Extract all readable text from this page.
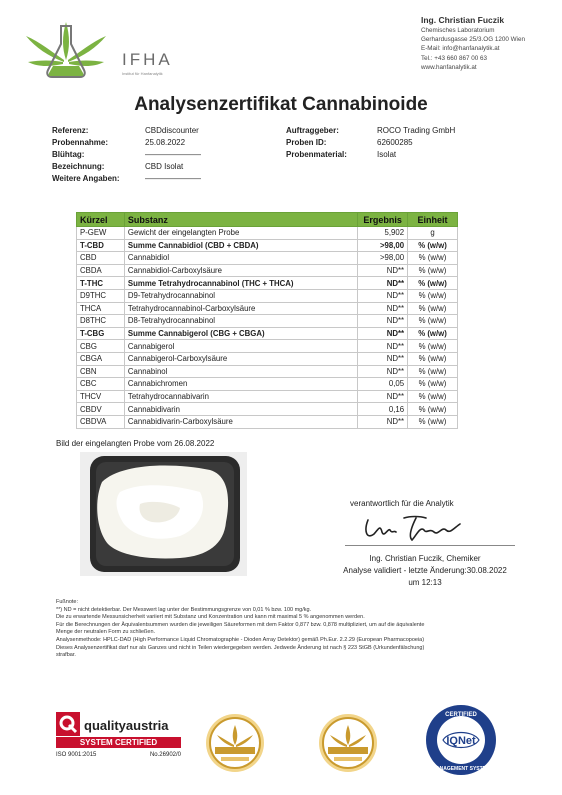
IFHA
Institut für Hanfanalytik
Ing. Christian Fuczik
Chemisches Laboratorium
Gerhardusgasse 25/3.OG 1200 Wien
E-Mail: info@hanfanalytik.at
Tel.: +43 660 867 00 63
www.hanfanalytik.at
Analysenzertifikat Cannabinoide
Referenz:	CBDdiscounter
Probennahme:	25.08.2022
Blühtag:	———————
Bezeichnung:	CBD Isolat
Weitere Angaben:	———————
Auftraggeber:	ROCO Trading GmbH
Proben ID:	62600285
Probenmaterial:	Isolat
Kürzel	Substanz	Ergebnis	Einheit
P-GEW	Gewicht der eingelangten Probe	5,902	g
T-CBD	Summe Cannabidiol (CBD + CBDA)	>98,00	% (w/w)
CBD	Cannabidiol	>98,00	% (w/w)
CBDA	Cannabidiol-Carboxylsäure	ND**	% (w/w)
T-THC	Summe Tetrahydrocannabinol (THC + THCA)	ND**	% (w/w)
D9THC	D9-Tetrahydrocannabinol	ND**	% (w/w)
THCA	Tetrahydrocannabinol-Carboxylsäure	ND**	% (w/w)
D8THC	D8-Tetrahydrocannabinol	ND**	% (w/w)
T-CBG	Summe Cannabigerol (CBG + CBGA)	ND**	% (w/w)
CBG	Cannabigerol	ND**	% (w/w)
CBGA	Cannabigerol-Carboxylsäure	ND**	% (w/w)
CBN	Cannabinol	ND**	% (w/w)
CBC	Cannabichromen	0,05	% (w/w)
THCV	Tetrahydrocannabivarin	ND**	% (w/w)
CBDV	Cannabidivarin	0,16	% (w/w)
CBDVA	Cannabidivarin-Carboxylsäure	ND**	% (w/w)
Bild der eingelangten Probe vom 26.08.2022
verantwortlich für die Analytik
Ing. Christian Fuczik, Chemiker
Analyse validiert - letzte Änderung:30.08.2022
um 12:13
Fußnote:
**) ND = nicht detektierbar. Der Messwert lag unter der Bestimmungsgrenze von 0,01 % bzw. 100 mg/kg.
Die zu erwartende Messunsicherheit variiert mit Substanz und Konzentration und kann mit maximal 5 % angenommen werden.
Für die Berechnungen der Äquivalentsummen wurden die jeweiligen Säureformen mit dem Faktor 0,877 bzw. 0,878 multipliziert, um auf die äquivalente
Menge der neutralen Form zu schließen.
Analysenmethode: HPLC-DAD (High Performance Liquid Chromatographie - Dioden Array Detektor) gemäß Ph.Eur. 2.2.29 (European Pharmacopoeia)
Dieses Analysenzertifikat darf nur als Ganzes und nicht in Teilen wiedergegeben werden. Jedwede Änderung ist nach § 223 StGB (Urkundenfälschung)
strafbar.
qualityaustria
SYSTEM CERTIFIED
ISO 9001:2015	No.26902/0
CERTIFIED
IQNet
MANAGEMENT SYSTEM
